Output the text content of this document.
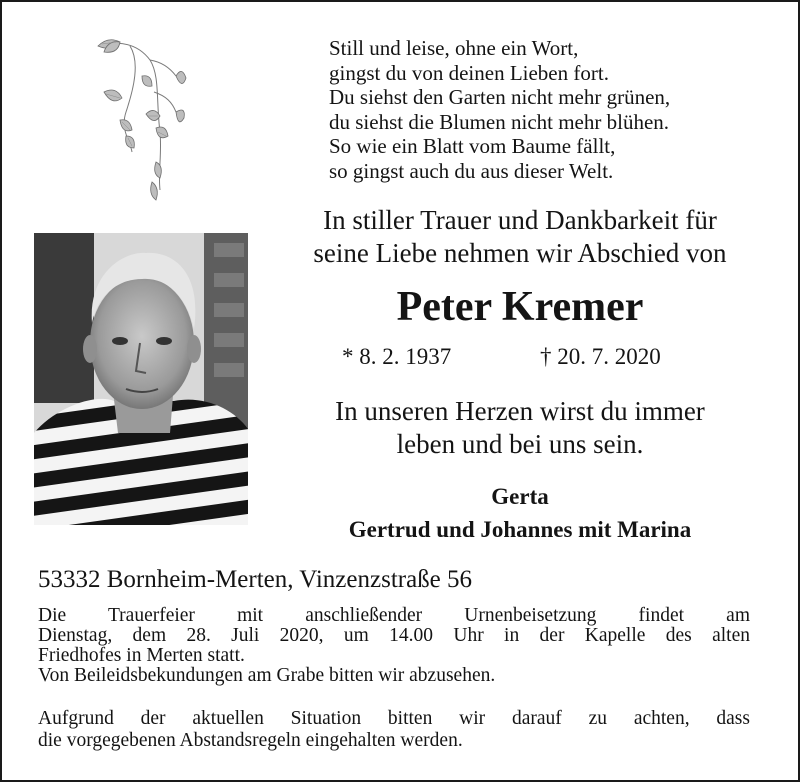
Still und leise, ohne ein Wort,
gingst du von deinen Lieben fort.
Du siehst den Garten nicht mehr grünen,
du siehst die Blumen nicht mehr blühen.
So wie ein Blatt vom Baume fällt,
so gingst auch du aus dieser Welt.
In stiller Trauer und Dankbarkeit für
seine Liebe nehmen wir Abschied von
Peter Kremer
* 8. 2. 1937	† 20. 7. 2020
In unseren Herzen wirst du immer
leben und bei uns sein.
Gerta
Gertrud und Johannes mit Marina
53332 Bornheim-Merten, Vinzenzstraße 56
Die Trauerfeier mit anschließender Urnenbeisetzung findet am
Dienstag, dem 28. Juli 2020, um 14.00 Uhr in der Kapelle des alten
Friedhofes in Merten statt.
Von Beileidsbekundungen am Grabe bitten wir abzusehen.
Aufgrund der aktuellen Situation bitten wir darauf zu achten, dass
die vorgegebenen Abstandsregeln eingehalten werden.
